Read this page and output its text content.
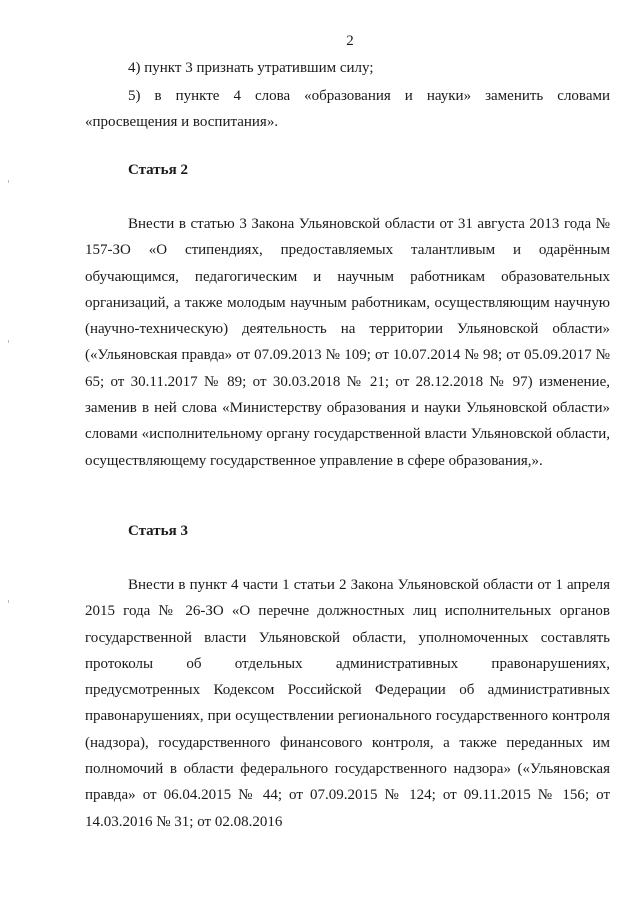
2

4) пункт 3 признать утратившим силу;

5) в пункте 4 слова «образования и науки» заменить словами «просвещения и воспитания».

Статья 2

Внести в статью 3 Закона Ульяновской области от 31 августа 2013 года № 157-ЗО «О стипендиях, предоставляемых талантливым и одарённым обучающимся, педагогическим и научным работникам образовательных организаций, а также молодым научным работникам, осуществляющим научную (научно-техническую) деятельность на территории Ульяновской области» («Ульяновская правда» от 07.09.2013 № 109; от 10.07.2014 № 98; от 05.09.2017 № 65; от 30.11.2017 № 89; от 30.03.2018 № 21; от 28.12.2018 № 97) изменение, заменив в ней слова «Министерству образования и науки Ульяновской области» словами «исполнительному органу государственной власти Ульяновской области, осуществляющему государственное управление в сфере образования,».

Статья 3

Внести в пункт 4 части 1 статьи 2 Закона Ульяновской области от 1 апреля 2015 года № 26-ЗО «О перечне должностных лиц исполнительных органов государственной власти Ульяновской области, уполномоченных составлять протоколы об отдельных административных правонарушениях, предусмотренных Кодексом Российской Федерации об административных правонарушениях, при осуществлении регионального государственного контроля (надзора), государственного финансового контроля, а также переданных им полномочий в области федерального государственного надзора» («Ульяновская правда» от 06.04.2015 № 44; от 07.09.2015 № 124; от 09.11.2015 № 156; от 14.03.2016 № 31; от 02.08.2016
